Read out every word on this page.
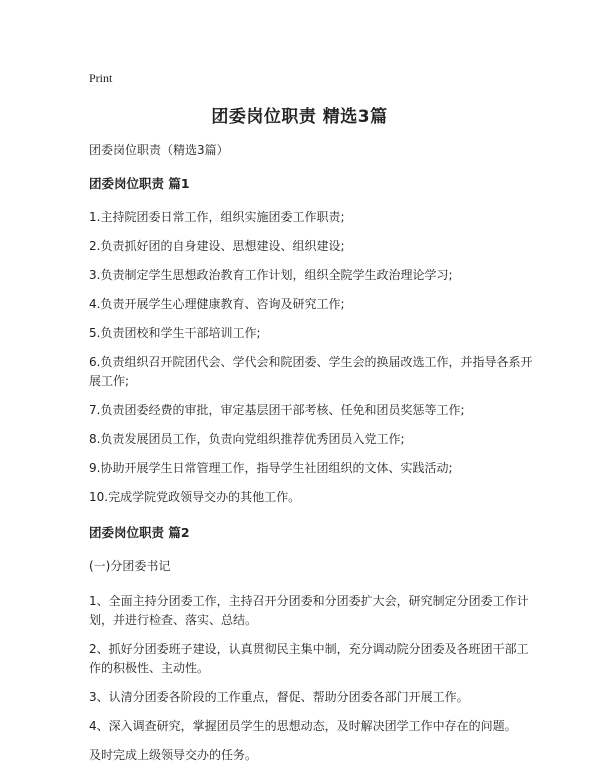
Print
团委岗位职责 精选3篇
团委岗位职责（精选3篇）
团委岗位职责 篇1
1.主持院团委日常工作，组织实施团委工作职责;
2.负责抓好团的自身建设、思想建设、组织建设;
3.负责制定学生思想政治教育工作计划，组织全院学生政治理论学习;
4.负责开展学生心理健康教育、咨询及研究工作;
5.负责团校和学生干部培训工作;
6.负责组织召开院团代会、学代会和院团委、学生会的换届改选工作，并指导各系开展工作;
7.负责团委经费的审批，审定基层团干部考核、任免和团员奖惩等工作;
8.负责发展团员工作，负责向党组织推荐优秀团员入党工作;
9.协助开展学生日常管理工作，指导学生社团组织的文体、实践活动;
10.完成学院党政领导交办的其他工作。
团委岗位职责 篇2
(一)分团委书记
1、全面主持分团委工作，主持召开分团委和分团委扩大会，研究制定分团委工作计划，并进行检查、落实、总结。
2、抓好分团委班子建设，认真贯彻民主集中制，充分调动院分团委及各班团干部工作的积极性、主动性。
3、认清分团委各阶段的工作重点，督促、帮助分团委各部门开展工作。
4、深入调查研究，掌握团员学生的思想动态，及时解决团学工作中存在的问题。
及时完成上级领导交办的任务。
